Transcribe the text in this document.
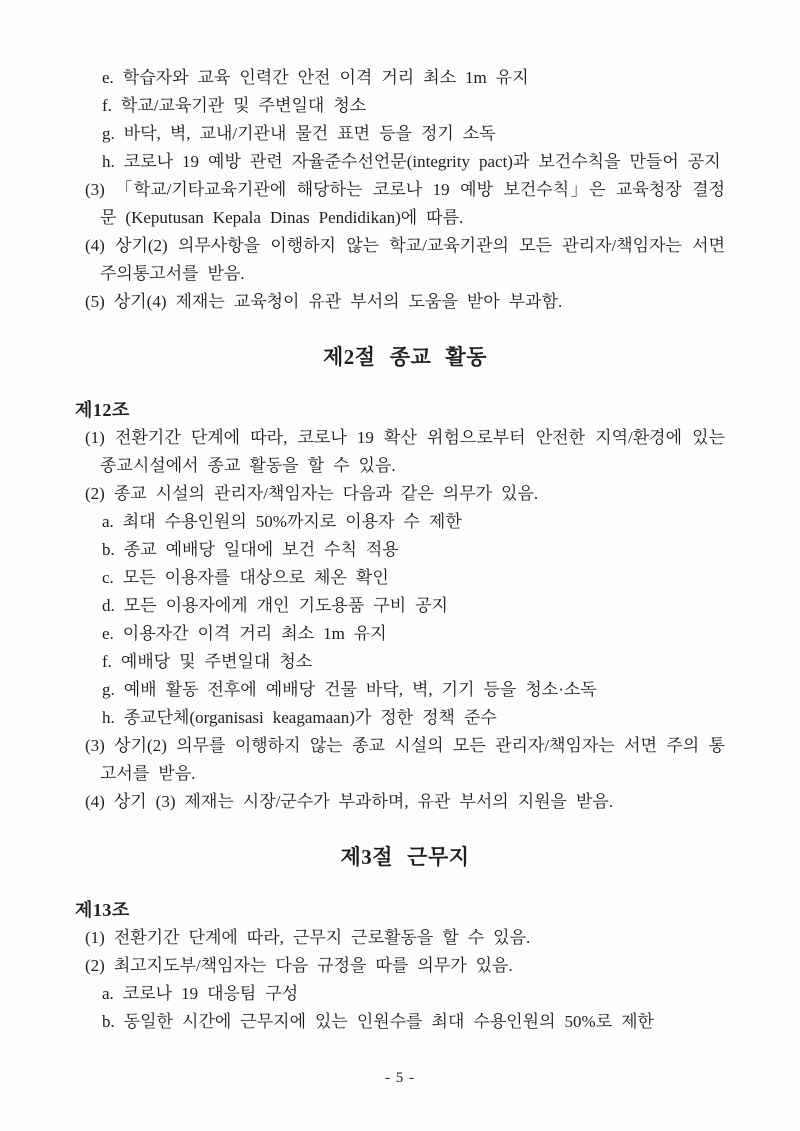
e. 학습자와 교육 인력간 안전 이격 거리 최소 1m 유지
f. 학교/교육기관 및 주변일대 청소
g. 바닥, 벽, 교내/기관내 물건 표면 등을 정기 소독
h. 코로나 19 예방 관련 자율준수선언문(integrity pact)과 보건수칙을 만들어 공지
(3) 「학교/기타교육기관에 해당하는 코로나 19 예방 보건수칙」은 교육청장 결정문 (Keputusan Kepala Dinas Pendidikan)에 따름.
(4) 상기(2) 의무사항을 이행하지 않는 학교/교육기관의 모든 관리자/책임자는 서면 주의통고서를 받음.
(5) 상기(4) 제재는 교육청이 유관 부서의 도움을 받아 부과함.
제2절 종교 활동
제12조
(1) 전환기간 단계에 따라, 코로나 19 확산 위험으로부터 안전한 지역/환경에 있는 종교시설에서 종교 활동을 할 수 있음.
(2) 종교 시설의 관리자/책임자는 다음과 같은 의무가 있음.
a. 최대 수용인원의 50%까지로 이용자 수 제한
b. 종교 예배당 일대에 보건 수칙 적용
c. 모든 이용자를 대상으로 체온 확인
d. 모든 이용자에게 개인 기도용품 구비 공지
e. 이용자간 이격 거리 최소 1m 유지
f. 예배당 및 주변일대 청소
g. 예배 활동 전후에 예배당 건물 바닥, 벽, 기기 등을 청소·소독
h. 종교단체(organisasi keagamaan)가 정한 정책 준수
(3) 상기(2) 의무를 이행하지 않는 종교 시설의 모든 관리자/책임자는 서면 주의 통고서를 받음.
(4) 상기 (3) 제재는 시장/군수가 부과하며, 유관 부서의 지원을 받음.
제3절 근무지
제13조
(1) 전환기간 단계에 따라, 근무지 근로활동을 할 수 있음.
(2) 최고지도부/책임자는 다음 규정을 따를 의무가 있음.
a. 코로나 19 대응팀 구성
b. 동일한 시간에 근무지에 있는 인원수를 최대 수용인원의 50%로 제한
- 5 -
